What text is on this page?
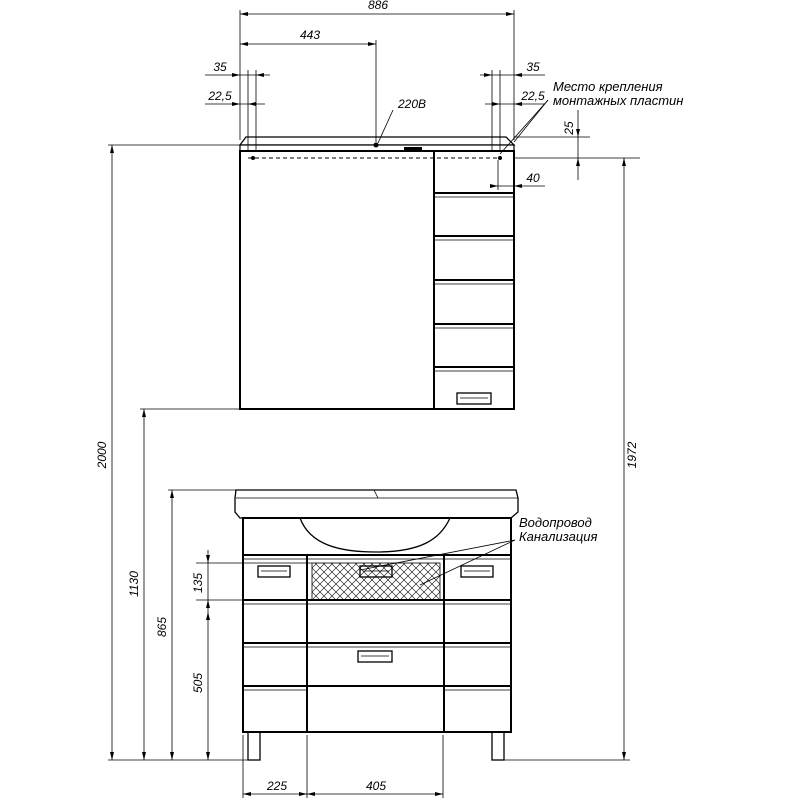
886
443
35
22,5
35
22,5
220В
25
40
2000	1972
1130
865
135
505
225	405
Место крепления
монтажных пластин
Водопровод
Канализация
